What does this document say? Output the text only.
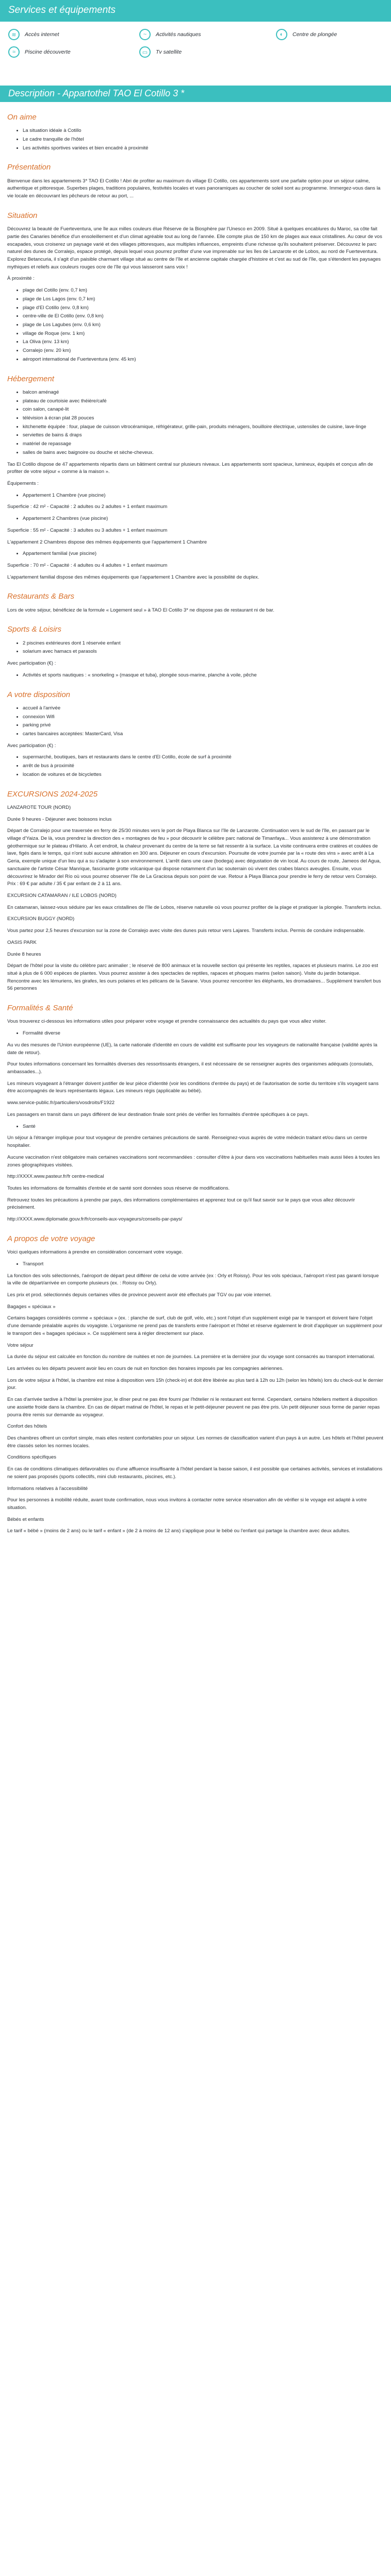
Services et équipements
≋	Accès internet	~	Activités nautiques	◐	Centre de plongée
≈	Piscine découverte	▭	Tv satellite
Description - Appartothel TAO El Cotillo 3 *
On aime
• La situation idéale à Cotillo
• Le cadre tranquille de l'hôtel
• Les activités sportives variées et bien encadré à proximité
Présentation

Bienvenue dans les appartements 3* TAO El Cotillo ! Abri de profiter au maximum du village El Cotillo, ces appartements sont une parfaite option pour un séjour calme, authentique et pittoresque. Superbes plages, traditions populaires, festivités locales et vues panoramiques au coucher de soleil sont au programme. Immergez-vous dans la vie locale en découvrant les pêcheurs de retour au port, ...

Situation

Découvrez la beauté de Fuerteventura, une île aux milles couleurs élue Réserve de la Biosphère par l'Unesco en 2009. Situé à quelques encablures du Maroc, sa côte fait partie des Canaries bénéfice d'un ensoleillement et d'un climat agréable tout au long de l'année. Elle compte plus de 150 km de plages aux eaux cristallines. Au cœur de vos escapades, vous croiserez un paysage varié et des villages pittoresques, aux multiples influences, empreints d'une richesse qu'ils souhaitent préserver. Découvrez le parc naturel des dunes de Corralejo, espace protégé, depuis lequel vous pourrez profiter d'une vue imprenable sur les îles de Lanzarote et de Lobos, au nord de Fuerteventura. Explorez Betancuria, il s'agit d'un paisible charmant village situé au centre de l'île et ancienne capitale chargée d'histoire et c'est au sud de l'île, que s'étendent les paysages mythiques et reliefs aux couleurs rouges ocre de l'île qui vous laisseront sans voix !

À proximité :

• plage del Cotillo (env. 0,7 km)
• plage de Los Lagos (env. 0,7 km)
• plage d'El Cotillo (env. 0,8 km)
• centre-ville de El Cotillo (env. 0,8 km)
• plage de Los Lagubes (env. 0,6 km)
• village de Roque (env. 1 km)
• La Oliva (env. 13 km)
• Corralejo (env. 20 km)
• aéroport international de Fuerteventura (env. 45 km)
Hébergement
• balcon aménagé
• plateau de courtoisie avec théière/café
• coin salon, canapé-lit
• télévision à écran plat 28 pouces
• kitchenette équipée : four, plaque de cuisson vitrocéramique, réfrigérateur, grille-pain, produits ménagers, bouilloire électrique, ustensiles de cuisine, lave-linge
• serviettes de bains & draps
• matériel de repassage
• salles de bains avec baignoire ou douche et sèche-cheveux.

Tao El Cotillo dispose de 47 appartements répartis dans un bâtiment central sur plusieurs niveaux. Les appartements sont spacieux, lumineux, équipés et conçus afin de profiter de votre séjour « comme à la maison ».

Équipements :

• Appartement 1 Chambre (vue piscine)

Superficie : 42 m² - Capacité : 2 adultes ou 2 adultes + 1 enfant maximum

• Appartement 2 Chambres (vue piscine)

Superficie : 55 m² - Capacité : 3 adultes ou 3 adultes + 1 enfant maximum

L'appartement 2 Chambres dispose des mêmes équipements que l'appartement 1 Chambre

• Appartement familial (vue piscine)

Superficie : 70 m² - Capacité : 4 adultes ou 4 adultes + 1 enfant maximum

L'appartement familial dispose des mêmes équipements que l'appartement 1 Chambre avec la possibilité de duplex.

Restaurants & Bars

Lors de votre séjour, bénéficiez de la formule « Logement seul » à TAO El Cotillo 3* ne dispose pas de restaurant ni de bar.

Sports & Loisirs
• 2 piscines extérieures dont 1 réservée enfant
• solarium avec hamacs et parasols

Avec participation (€) :

• Activités et sports nautiques : « snorkeling » (masque et tuba), plongée sous-marine, planche à voile, pêche
A votre disposition
• accueil à l'arrivée
• connexion Wifi
• parking privé
• cartes bancaires acceptées: MasterCard, Visa

Avec participation (€) :

• supermarché, boutiques, bars et restaurants dans le centre d'El Cotillo, école de surf à proximité
• arrêt de bus à proximité
• location de voitures et de bicyclettes
EXCURSIONS 2024-2025

LANZAROTE TOUR (NORD)

Durée 9 heures - Déjeuner avec boissons inclus

Départ de Corralejo pour une traversée en ferry de 25/30 minutes vers le port de Playa Blanca sur l'île de Lanzarote. Continuation vers le sud de l'île, en passant par le village d'Yaiza. De là, vous prendrez la direction des « montagnes de feu » pour découvrir le célèbre parc national de Timanfaya... Vous assisterez à une démonstration géothermique sur le plateau d'Hilario. À cet endroit, la chaleur provenant du centre de la terre se fait ressentir à la surface. La visite continuera entre cratères et coulées de lave, figés dans le temps, qui n'ont subi aucune altération en 300 ans. Déjeuner en cours d'excursion. Poursuite de votre journée par la « route des vins » avec arrêt à La Geria, exemple unique d'un lieu qui a su s'adapter à son environnement. L'arrêt dans une cave (bodega) avec dégustation de vin local. Au cours de route, Jameos del Agua, sanctuaire de l'artiste César Manrique, fascinante grotte volcanique qui dispose notamment d'un lac souterrain où vivent des crabes blancs aveugles. Ensuite, vous découvrirez le Mirador del Río où vous pourrez observer l'île de La Graciosa depuis son point de vue. Retour à Playa Blanca pour prendre le ferry de retour vers Corralejo. Prix : 69 € par adulte / 35 € par enfant de 2 à 11 ans.

EXCURSION CATAMARAN / ILE LOBOS (NORD)

En catamaran, laissez-vous séduire par les eaux cristallines de l'île de Lobos, réserve naturelle où vous pourrez profiter de la plage et pratiquer la plongée. Transferts inclus.

EXCURSION BUGGY (NORD)

Vous partez pour 2,5 heures d'excursion sur la zone de Corralejo avec visite des dunes puis retour vers Lajares. Transferts inclus. Permis de conduire indispensable.

OASIS PARK

Durée 8 heures

Départ de l'hôtel pour la visite du célèbre parc animalier ; le réservé de 800 animaux et la nouvelle section qui présente les reptiles, rapaces et plusieurs marins. Le zoo est situé à plus de 6 000 espèces de plantes. Vous pourrez assister à des spectacles de reptiles, rapaces et phoques marins (selon saison). Visite du jardin botanique. Rencontre avec les lémuriens, les girafes, les ours polaires et les pélicans de la Savane. Vous pourrez rencontrer les éléphants, les dromadaires... Supplément transfert bus 56 personnes

Formalités & Santé

Vous trouverez ci-dessous les informations utiles pour préparer votre voyage et prendre connaissance des actualités du pays que vous allez visiter.

• Formalité diverse

Au vu des mesures de l'Union européenne (UE), la carte nationale d'identité en cours de validité est suffisante pour les voyageurs de nationalité française (validité après la date de retour).

Pour toutes informations concernant les formalités diverses des ressortissants étrangers, il est nécessaire de se renseigner auprès des organismes adéquats (consulats, ambassades...).

Les mineurs voyageant à l'étranger doivent justifier de leur pièce d'identité (voir les conditions d'entrée du pays) et de l'autorisation de sortie du territoire s'ils voyagent sans être accompagnés de leurs représentants légaux. Les mineurs régis (applicable au bébé).

www.service-public.fr/particuliers/vosdroits/F1922

Les passagers en transit dans un pays différent de leur destination finale sont priés de vérifier les formalités d'entrée spécifiques à ce pays.

• Santé

Un séjour à l'étranger implique pour tout voyageur de prendre certaines précautions de santé. Renseignez-vous auprès de votre médecin traitant et/ou dans un centre hospitalier.

Aucune vaccination n'est obligatoire mais certaines vaccinations sont recommandées : consulter d'être à jour dans vos vaccinations habituelles mais aussi liées à toutes les zones géographiques visitées.

http://XXXX.www.pasteur.fr/fr centre-medical

Toutes les informations de formalités d'entrée et de santé sont données sous réserve de modifications.

Retrouvez toutes les précautions à prendre par pays, des informations complémentaires et apprenez tout ce qu'il faut savoir sur le pays que vous allez découvrir précisément.

http://XXXX.www.diplomatie.gouv.fr/fr/conseils-aux-voyageurs/conseils-par-pays/

A propos de votre voyage

Voici quelques informations à prendre en considération concernant votre voyage.

• Transport

La fonction des vols sélectionnés, l'aéroport de départ peut différer de celui de votre arrivée (ex : Orly et Roissy). Pour les vols spéciaux, l'aéroport n'est pas garanti lorsque la ville de départ/arrivée en comporte plusieurs (ex. : Roissy ou Orly).

Les prix et prod. sélectionnés depuis certaines villes de province peuvent avoir été effectués par TGV ou par voie internet.

Bagages « spéciaux »

Certains bagages considérés comme « spéciaux » (ex. : planche de surf, club de golf, vélo, etc.) sont l'objet d'un supplément exigé par le transport et doivent faire l'objet d'une demande préalable auprès du voyagiste. L'organisme ne prend pas de transferts entre l'aéroport et l'hôtel et réserve également le droit d'appliquer un supplément pour le transport des « bagages spéciaux ». Ce supplément sera à régler directement sur place.

Votre séjour

La durée du séjour est calculée en fonction du nombre de nuitées et non de journées. La première et la dernière jour du voyage sont consacrés au transport international.

Les arrivées ou les départs peuvent avoir lieu en cours de nuit en fonction des horaires imposés par les compagnies aériennes.

Lors de votre séjour à l'hôtel, la chambre est mise à disposition vers 15h (check-in) et doit être libérée au plus tard à 12h ou 12h (selon les hôtels) lors du check-out le dernier jour.

En cas d'arrivée tardive à l'hôtel la première jour, le dîner peut ne pas être fourni par l'hôtelier ni le restaurant est fermé. Cependant, certains hôteliers mettent à disposition une assiette froide dans la chambre. En cas de départ matinal de l'hôtel, le repas et le petit-déjeuner peuvent ne pas être pris. Un petit déjeuner sous forme de panier repas pourra être remis sur demande au voyageur.

Confort des hôtels

Des chambres offrent un confort simple, mais elles restent confortables pour un séjour. Les normes de classification varient d'un pays à un autre. Les hôtels et l'hôtel peuvent être classés selon les normes locales.

Conditions spécifiques

En cas de conditions climatiques défavorables ou d'une affluence insuffisante à l'hôtel pendant la basse saison, il est possible que certaines activités, services et installations ne soient pas proposés (sports collectifs, mini club restaurants, piscines, etc.).

Informations relatives à l'accessibilité

Pour les personnes à mobilité réduite, avant toute confirmation, nous vous invitons à contacter notre service réservation afin de vérifier si le voyage est adapté à votre situation.

Bébés et enfants

Le tarif « bébé » (moins de 2 ans) ou le tarif « enfant » (de 2 à moins de 12 ans) s'applique pour le bébé ou l'enfant qui partage la chambre avec deux adultes.
